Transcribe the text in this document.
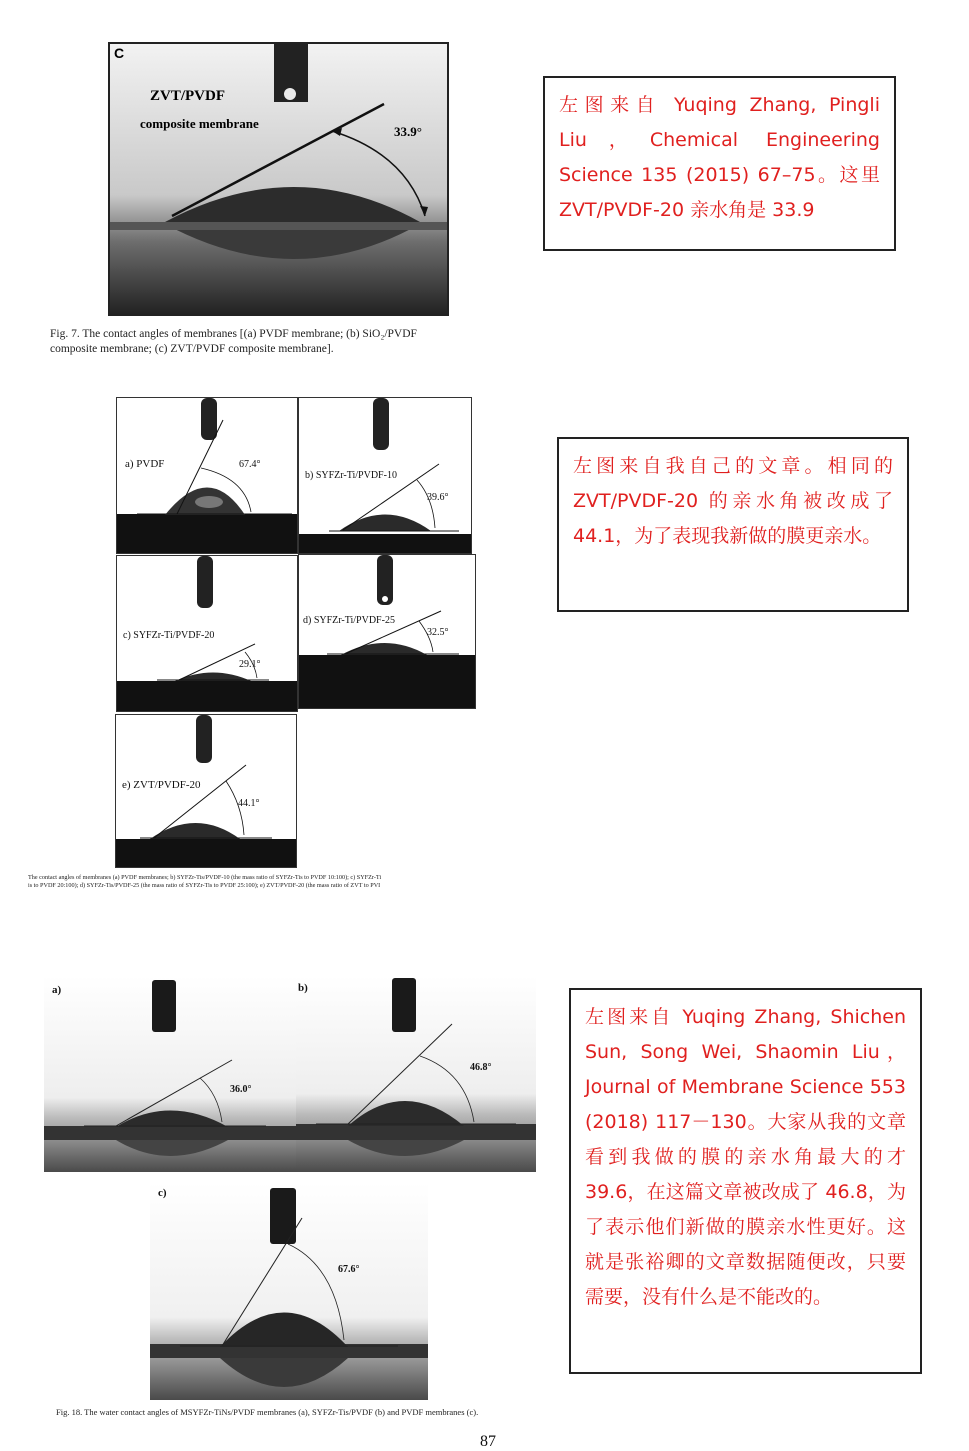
C
ZVT/PVDF
composite membrane
33.9°
Fig. 7. The contact angles of membranes [(a) PVDF membrane; (b) SiO₂/PVDF
composite membrane; (c) ZVT/PVDF composite membrane].
左图来自 Yuqing Zhang, Pingli Liu，Chemical Engineering Science 135 (2015) 67–75。这里 ZVT/PVDF-20 亲水角是 33.9
a) PVDF	67.4°
b) SYFZr-Ti/PVDF-10
39.6°
c) SYFZr-Ti/PVDF-20
29.1°
d) SYFZr-Ti/PVDF-25
32.5°
e) ZVT/PVDF-20
44.1°
The contact angles of membranes (a) PVDF membranes; b) SYFZr-Tis/PVDF-10 (the mass ratio of SYFZr-Tis to PVDF 10:100); c) SYFZr-Ti
is to PVDF 20:100); d) SYFZr-Tis/PVDF-25 (the mass ratio of SYFZr-Tis to PVDF 25:100); e) ZVT/PVDF-20 (the mass ratio of ZVT to PVI
左图来自我自己的文章。相同的ZVT/PVDF-20 的亲水角被改成了 44.1，为了表现我新做的膜更亲水。
a)
36.0°
b)
46.8°
c)
67.6°
Fig. 18. The water contact angles of MSYFZr-TiNs/PVDF membranes (a), SYFZr-Tis/PVDF (b) and PVDF membranes (c).
左图来自 Yuqing Zhang, Shichen Sun, Song Wei, Shaomin Liu，Journal of Membrane Science 553 (2018) 117－130。大家从我的文章看到我做的膜的亲水角最大的才39.6，在这篇文章被改成了 46.8，为了表示他们新做的膜亲水性更好。这就是张裕卿的文章数据随便改，只要需要，没有什么是不能改的。
87
